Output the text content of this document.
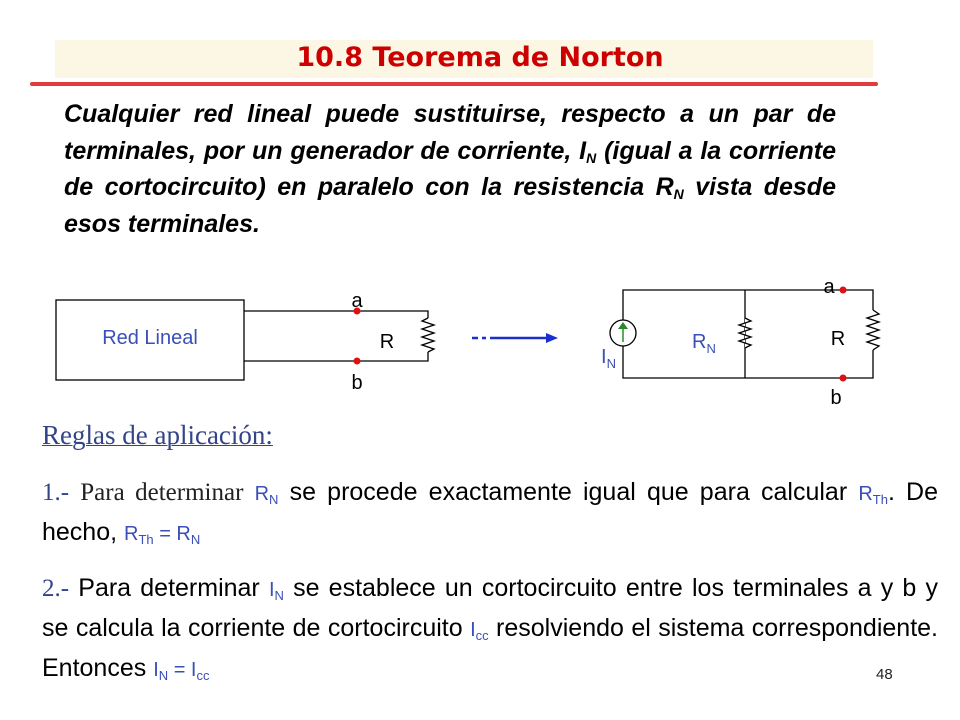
10.8 Teorema de Norton
Cualquier red lineal puede sustituirse, respecto a un par de terminales, por un generador de corriente, $I_N$ (igual a la corriente de cortocircuito) en paralelo con la resistencia $R_N$ vista desde esos terminales.
Red Lineal
a
b
R
a
b
R
$I_N$
$R_N$
Reglas de aplicación:
1.- Para determinar $R_N$ se procede exactamente igual que para calcular $R_{Th}$. De hecho, $R_{Th} = R_N$
2.- Para determinar $I_N$ se establece un cortocircuito entre los terminales a y b y se calcula la corriente de cortocircuito $I_{cc}$ resolviendo el sistema correspondiente. Entonces $I_N = I_{cc}$	48
